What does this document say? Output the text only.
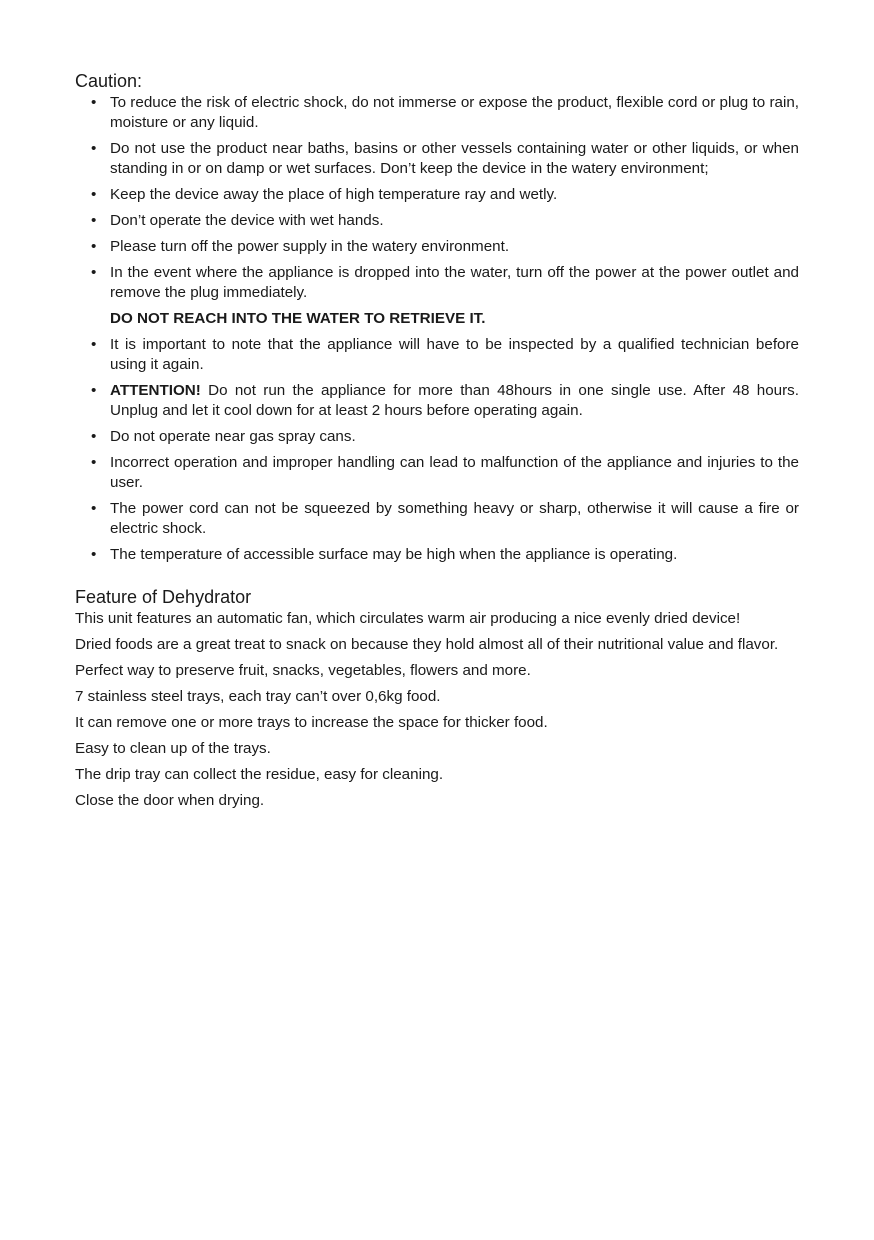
Caution:
• To reduce the risk of electric shock, do not immerse or expose the product, flexible cord or plug to rain, moisture or any liquid.
• Do not use the product near baths, basins or other vessels containing water or other liquids, or when standing in or on damp or wet surfaces. Don’t keep the device in the watery environment;
• Keep the device away the place of high temperature ray and wetly.
• Don’t operate the device with wet hands.
• Please turn off the power supply in the watery environment.
• In the event where the appliance is dropped into the water, turn off the power at the power outlet and remove the plug immediately.
DO NOT REACH INTO THE WATER TO RETRIEVE IT.
• It is important to note that the appliance will have to be inspected by a qualified technician before using it again.
• ATTENTION! Do not run the appliance for more than 48hours in one single use. After 48 hours. Unplug and let it cool down for at least 2 hours before operating again.
• Do not operate near gas spray cans.
• Incorrect operation and improper handling can lead to malfunction of the appliance and injuries to the user.
• The power cord can not be squeezed by something heavy or sharp, otherwise it will cause a fire or electric shock.
• The temperature of accessible surface may be high when the appliance is operating.
Feature of Dehydrator

This unit features an automatic fan, which circulates warm air producing a nice evenly dried device!

Dried foods are a great treat to snack on because they hold almost all of their nutritional value and flavor.

Perfect way to preserve fruit, snacks, vegetables, flowers and more.

7 stainless steel trays, each tray can’t over 0,6kg food.

It can remove one or more trays to increase the space for thicker food.

Easy to clean up of the trays.

The drip tray can collect the residue, easy for cleaning.

Close the door when drying.
